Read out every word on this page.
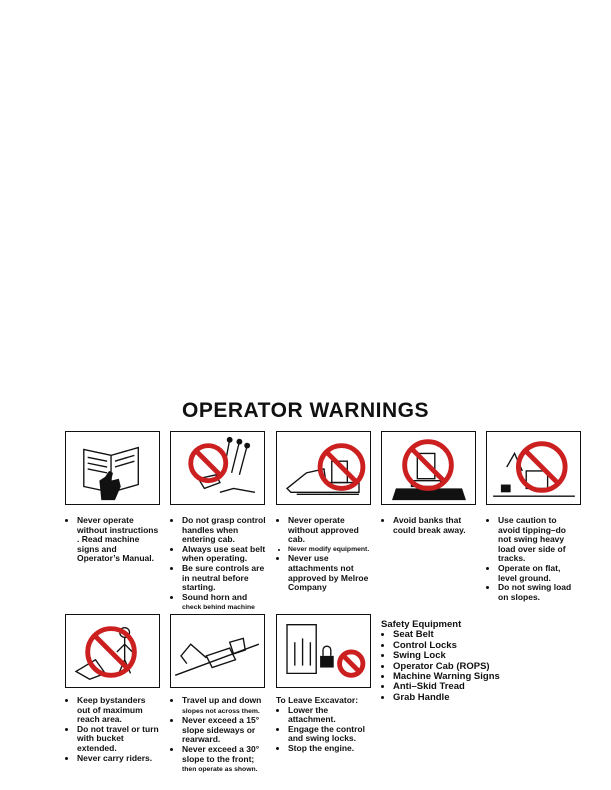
OPERATOR WARNINGS
• Never operate without instructions . Read machine signs and Operator’s Manual.
• Do not grasp control handles when entering cab.
• Always use seat belt when operating.
• Be sure controls are in neutral before starting.
• Sound horn and
check behind machine

• Never operate without approved cab.
• Never modify equipment.
• Never use attachments not approved by Melroe Company
• Avoid banks that could break away.
• Use caution to avoid tipping–do not swing heavy load over side of tracks.
• Operate on flat, level ground.
• Do not swing load on slopes.
• Keep bystanders out of maximum reach area.
• Do not travel or turn with bucket extended.
• Never carry riders.
• Travel up and down
slopes not across them.
• Never exceed a 15° slope sideways or rearward.
• Never exceed a 30° slope to the front;
then operate as shown.
To Leave Excavator:
• Lower the attachment.
• Engage the control and swing locks.
• Stop the engine.
Safety Equipment
• Seat Belt
• Control Locks
• Swing Lock
• Operator Cab (ROPS)
• Machine Warning Signs
• Anti–Skid Tread
• Grab Handle
